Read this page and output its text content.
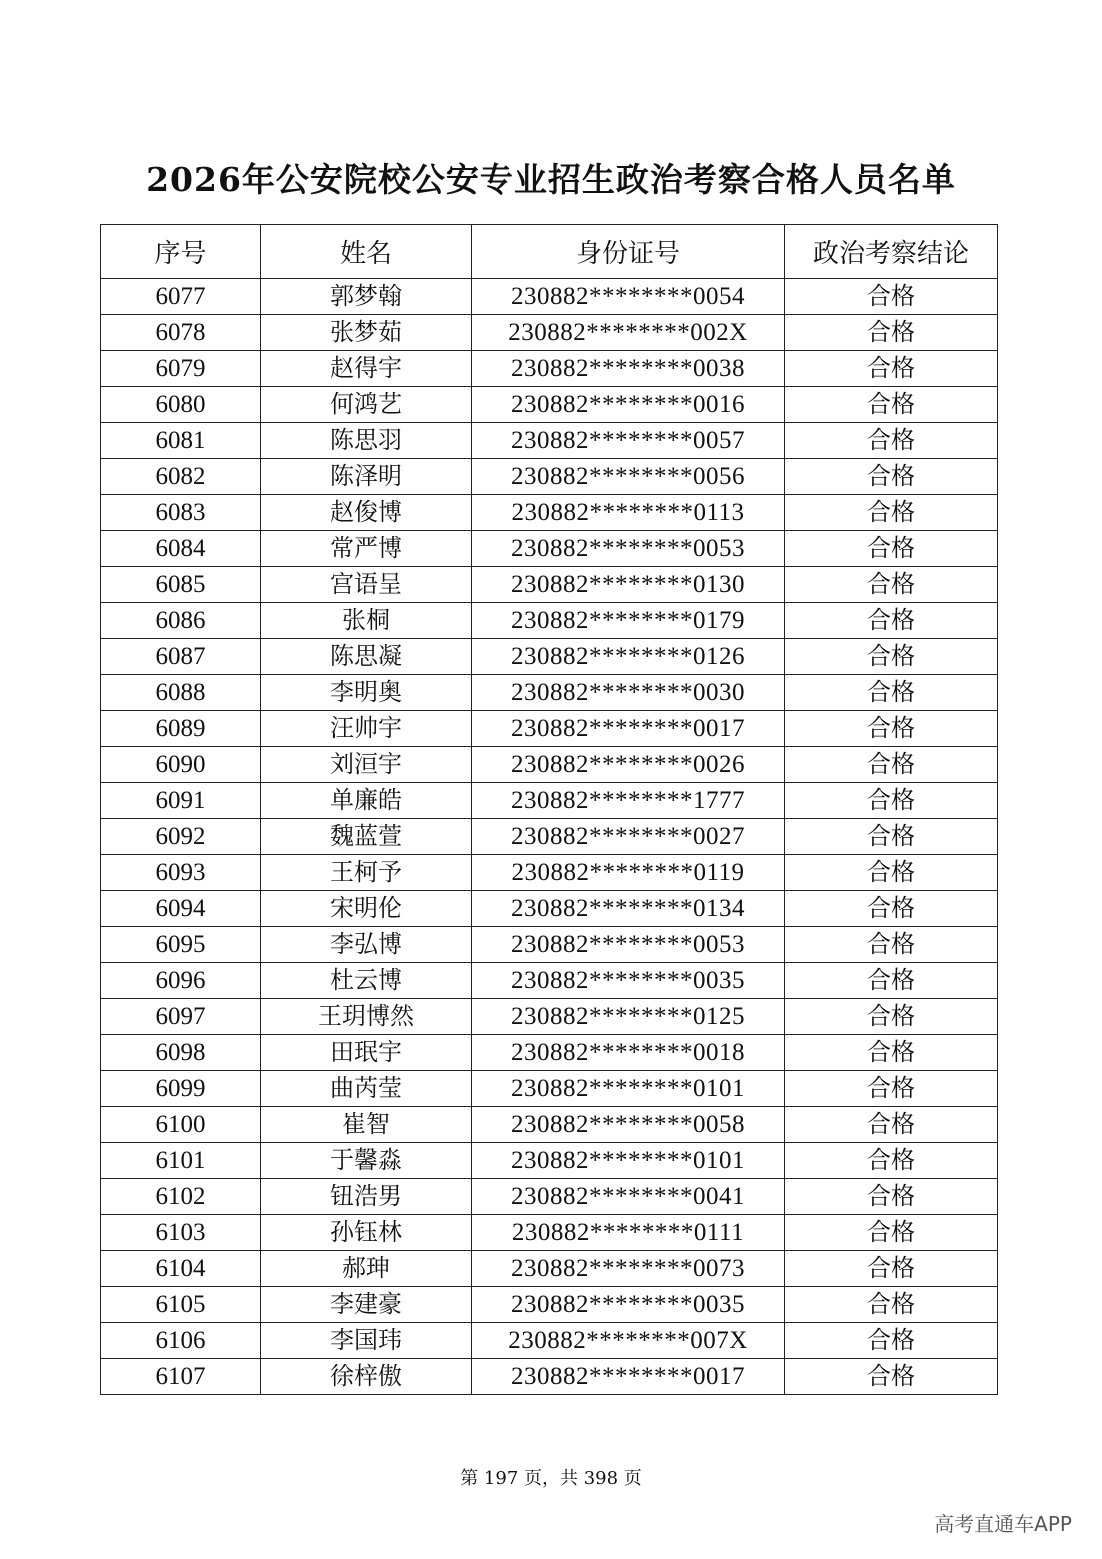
2026年公安院校公安专业招生政治考察合格人员名单
序号	姓名	身份证号	政治考察结论
6077	郭梦翰	230882********0054	合格
6078	张梦茹	230882********002X	合格
6079	赵得宇	230882********0038	合格
6080	何鸿艺	230882********0016	合格
6081	陈思羽	230882********0057	合格
6082	陈泽明	230882********0056	合格
6083	赵俊博	230882********0113	合格
6084	常严博	230882********0053	合格
6085	宫语呈	230882********0130	合格
6086	张桐	230882********0179	合格
6087	陈思凝	230882********0126	合格
6088	李明奥	230882********0030	合格
6089	汪帅宇	230882********0017	合格
6090	刘洹宇	230882********0026	合格
6091	单廉皓	230882********1777	合格
6092	魏蓝萱	230882********0027	合格
6093	王柯予	230882********0119	合格
6094	宋明伦	230882********0134	合格
6095	李弘博	230882********0053	合格
6096	杜云博	230882********0035	合格
6097	王玥博然	230882********0125	合格
6098	田珉宇	230882********0018	合格
6099	曲芮莹	230882********0101	合格
6100	崔智	230882********0058	合格
6101	于馨淼	230882********0101	合格
6102	钮浩男	230882********0041	合格
6103	孙钰林	230882********0111	合格
6104	郝珅	230882********0073	合格
6105	李建豪	230882********0035	合格
6106	李国玮	230882********007X	合格
6107	徐梓傲	230882********0017	合格
第 197 页，共 398 页
高考直通车APP
